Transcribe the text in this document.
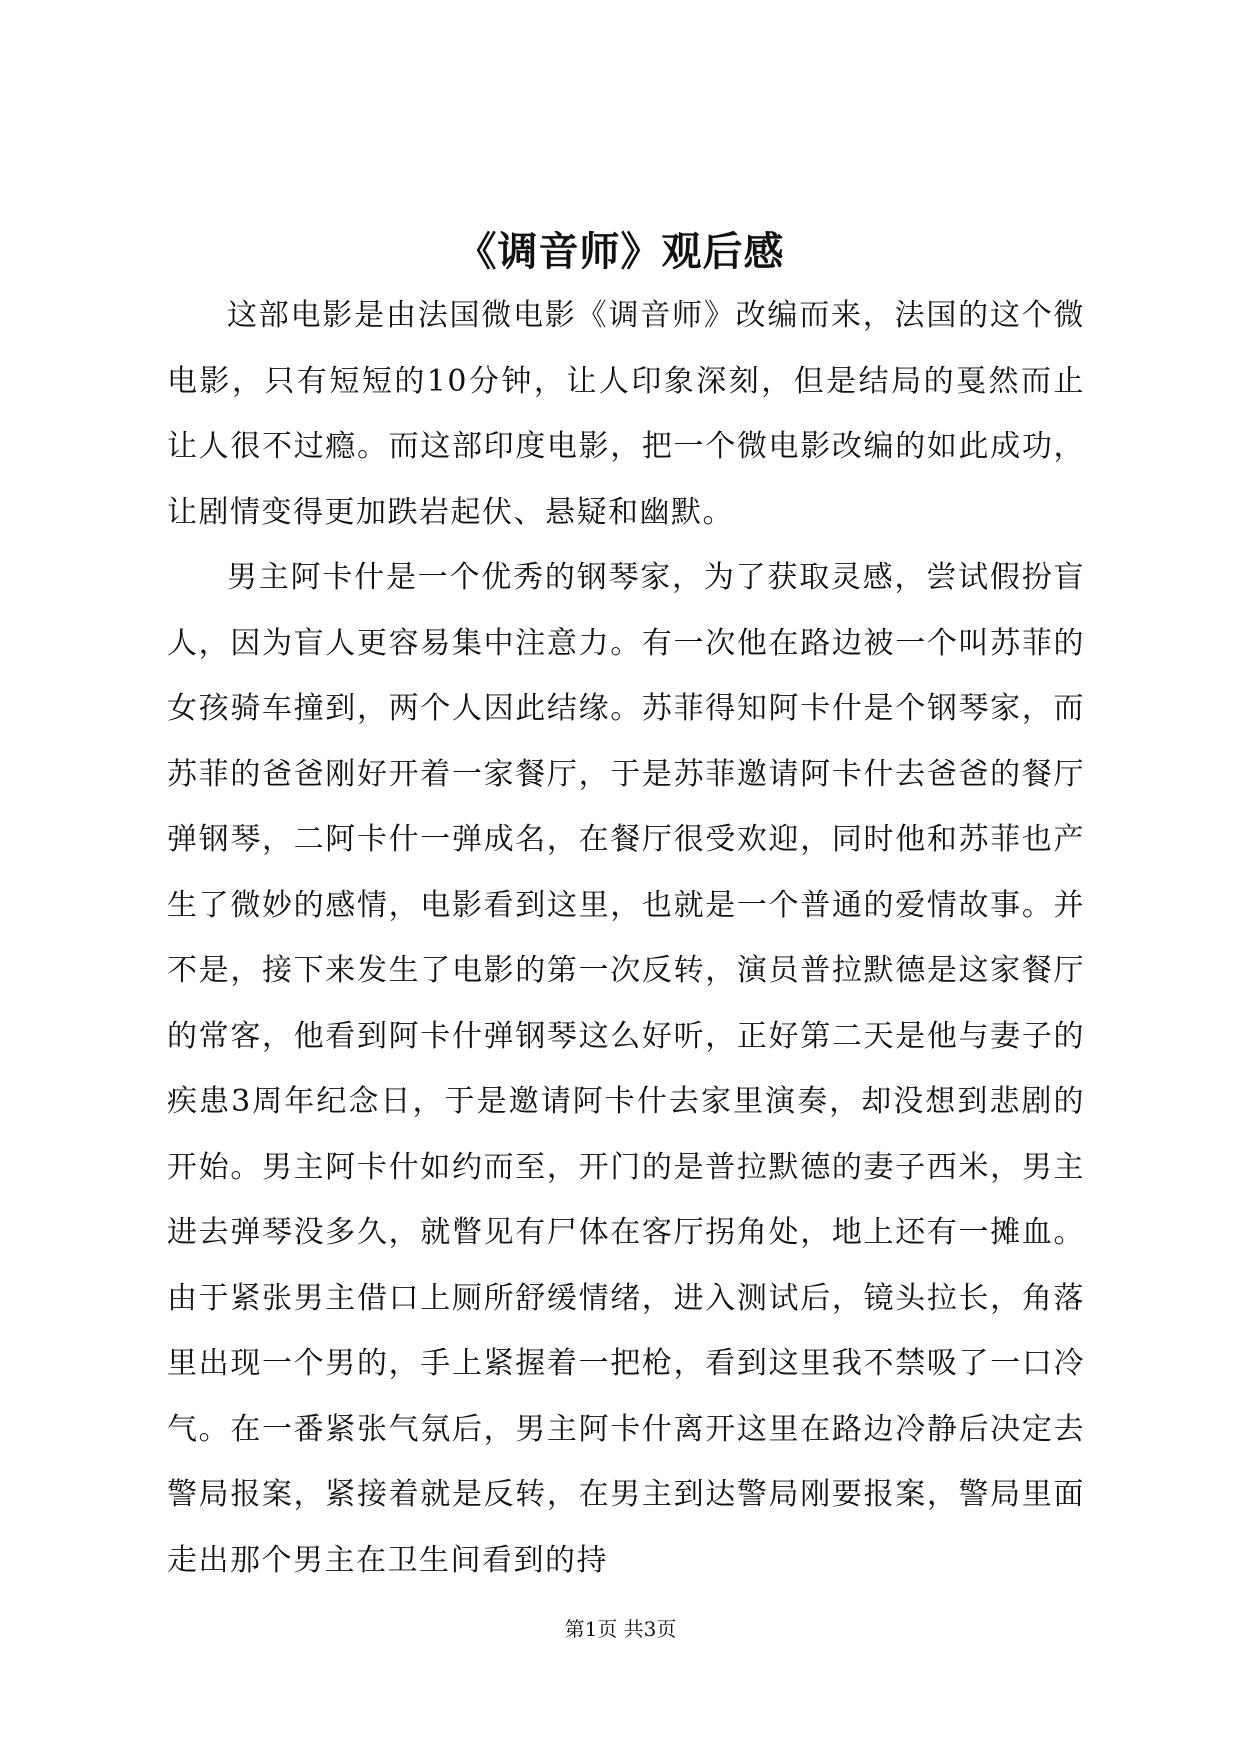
《调音师》观后感

这部电影是由法国微电影《调音师》改编而来，法国的这个微电影，只有短短的10分钟，让人印象深刻，但是结局的戛然而止让人很不过瘾。而这部印度电影，把一个微电影改编的如此成功，让剧情变得更加跌岩起伏、悬疑和幽默。

男主阿卡什是一个优秀的钢琴家，为了获取灵感，尝试假扮盲人，因为盲人更容易集中注意力。有一次他在路边被一个叫苏菲的女孩骑车撞到，两个人因此结缘。苏菲得知阿卡什是个钢琴家，而苏菲的爸爸刚好开着一家餐厅，于是苏菲邀请阿卡什去爸爸的餐厅弹钢琴，二阿卡什一弹成名，在餐厅很受欢迎，同时他和苏菲也产生了微妙的感情，电影看到这里，也就是一个普通的爱情故事。并不是，接下来发生了电影的第一次反转，演员普拉默德是这家餐厅的常客，他看到阿卡什弹钢琴这么好听，正好第二天是他与妻子的疾患3周年纪念日，于是邀请阿卡什去家里演奏，却没想到悲剧的开始。男主阿卡什如约而至，开门的是普拉默德的妻子西米，男主进去弹琴没多久，就瞥见有尸体在客厅拐角处，地上还有一摊血。由于紧张男主借口上厕所舒缓情绪，进入测试后，镜头拉长，角落里出现一个男的，手上紧握着一把枪，看到这里我不禁吸了一口冷气。在一番紧张气氛后，男主阿卡什离开这里在路边冷静后决定去警局报案，紧接着就是反转，在男主到达警局刚要报案，警局里面走出那个男主在卫生间看到的持

第1页 共3页
